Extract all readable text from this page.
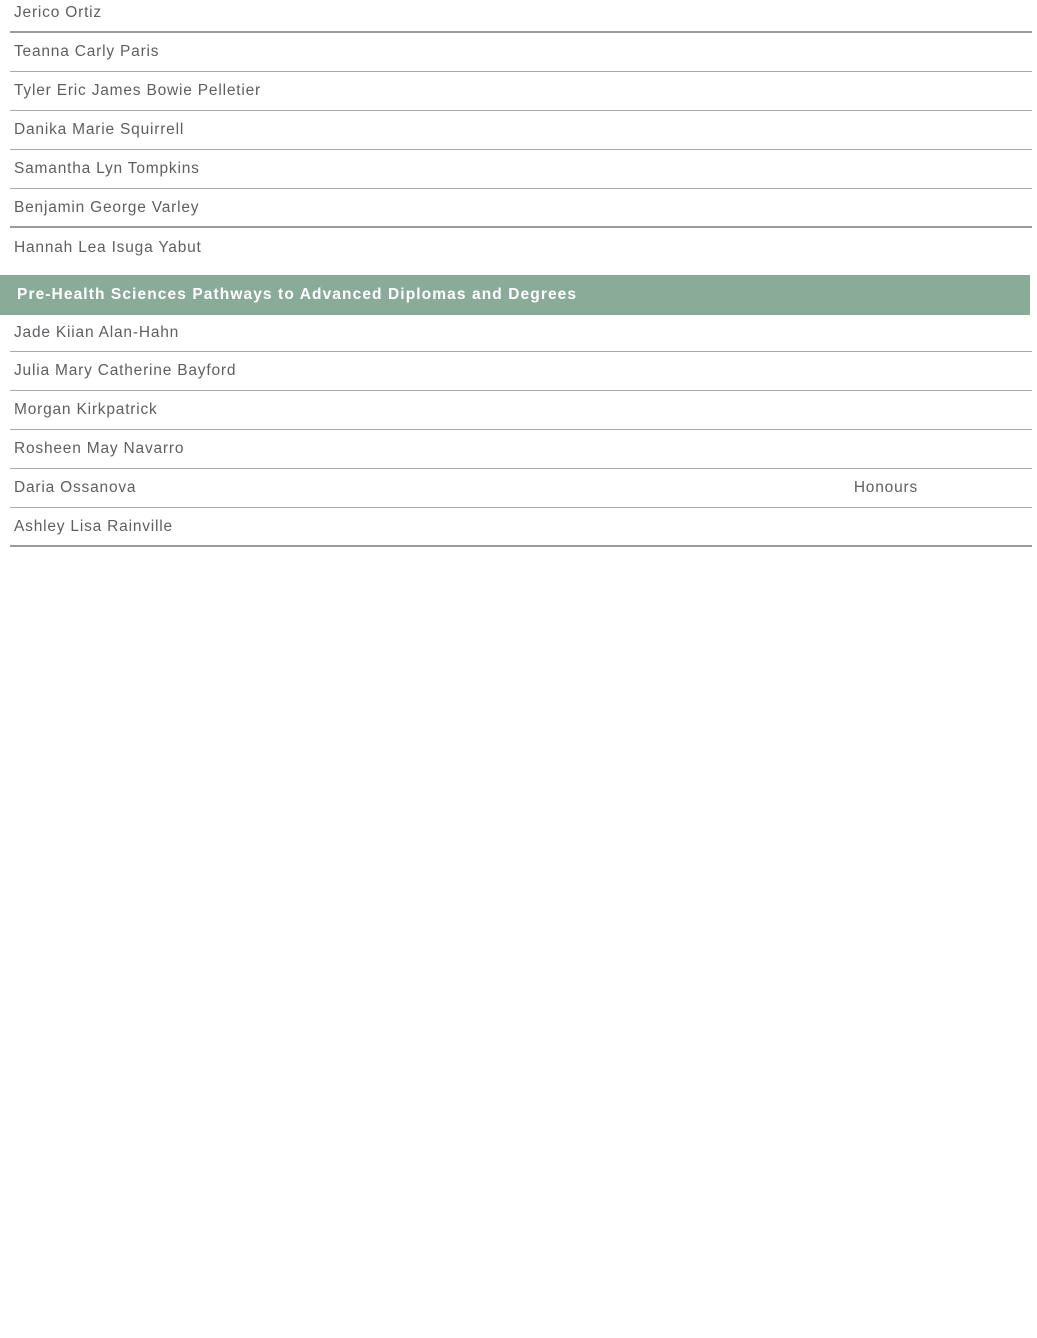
Jerico Ortiz
Teanna Carly Paris
Tyler Eric James Bowie Pelletier
Danika Marie Squirrell
Samantha Lyn Tompkins
Benjamin George Varley
Hannah Lea Isuga Yabut
Pre-Health Sciences Pathways to Advanced Diplomas and Degrees
Jade Kiian Alan-Hahn
Julia Mary Catherine Bayford
Morgan Kirkpatrick
Rosheen May Navarro
Daria Ossanova	Honours
Ashley Lisa Rainville
